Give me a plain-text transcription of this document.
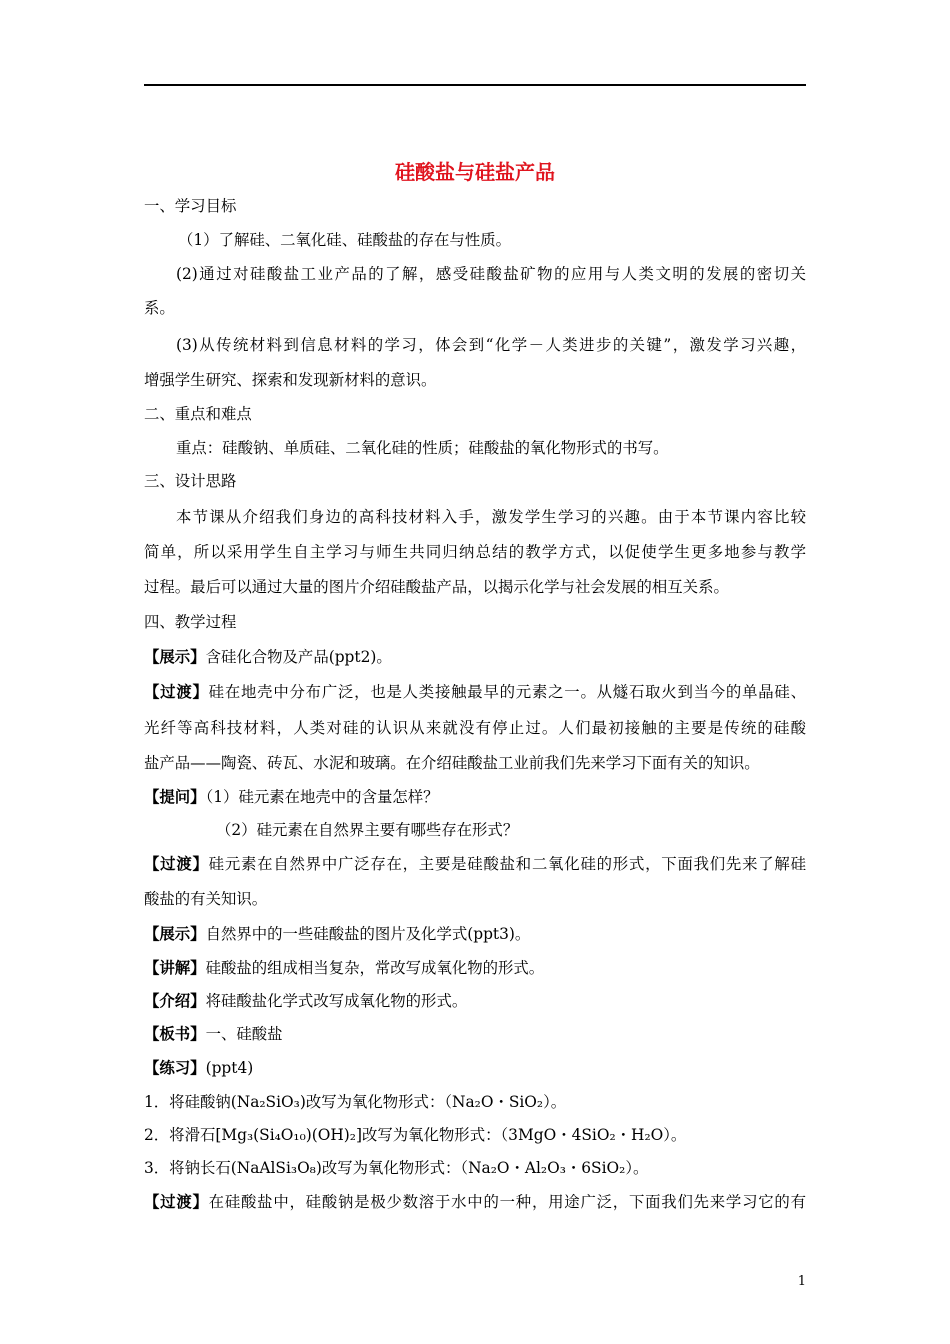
硅酸盐与硅盐产品
一、学习目标
（1）了解硅、二氧化硅、硅酸盐的存在与性质。
(2)通过对硅酸盐工业产品的了解，感受硅酸盐矿物的应用与人类文明的发展的密切关
系。
(3)从传统材料到信息材料的学习，体会到“化学－人类进步的关键”，激发学习兴趣，
增强学生研究、探索和发现新材料的意识。
二、重点和难点
重点：硅酸钠、单质硅、二氧化硅的性质；硅酸盐的氧化物形式的书写。
三、设计思路
本节课从介绍我们身边的高科技材料入手，激发学生学习的兴趣。由于本节课内容比较
简单，所以采用学生自主学习与师生共同归纳总结的教学方式，以促使学生更多地参与教学
过程。最后可以通过大量的图片介绍硅酸盐产品，以揭示化学与社会发展的相互关系。
四、教学过程
【展示】含硅化合物及产品(ppt2)。
【过渡】硅在地壳中分布广泛，也是人类接触最早的元素之一。从燧石取火到当今的单晶硅、
光纤等高科技材料，人类对硅的认识从来就没有停止过。人们最初接触的主要是传统的硅酸
盐产品——陶瓷、砖瓦、水泥和玻璃。在介绍硅酸盐工业前我们先来学习下面有关的知识。
【提问】（1）硅元素在地壳中的含量怎样？
（2）硅元素在自然界主要有哪些存在形式？
【过渡】硅元素在自然界中广泛存在，主要是硅酸盐和二氧化硅的形式，下面我们先来了解硅
酸盐的有关知识。
【展示】自然界中的一些硅酸盐的图片及化学式(ppt3)。
【讲解】硅酸盐的组成相当复杂，常改写成氧化物的形式。
【介绍】将硅酸盐化学式改写成氧化物的形式。
【板书】一、硅酸盐
【练习】(ppt4)
1．将硅酸钠(Na₂SiO₃)改写为氧化物形式：（Na₂O・SiO₂）。
2．将滑石[Mg₃(Si₄O₁₀)(OH)₂]改写为氧化物形式：（3MgO・4SiO₂・H₂O）。
3．将钠长石(NaAlSi₃O₈)改写为氧化物形式：（Na₂O・Al₂O₃・6SiO₂）。
【过渡】在硅酸盐中，硅酸钠是极少数溶于水中的一种，用途广泛，下面我们先来学习它的有
1
